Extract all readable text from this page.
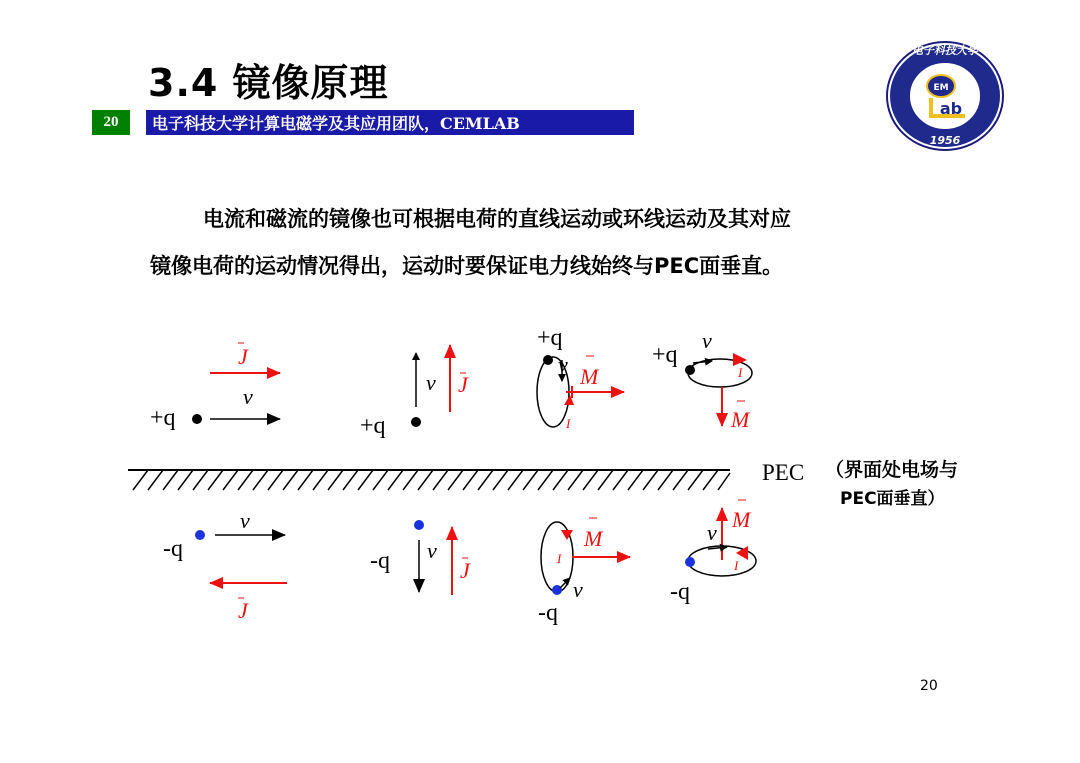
3.4 镜像原理
20	电子科技大学计算电磁学及其应用团队，CEMLAB
电子科技大学
1956
EM
ab
电流和磁流的镜像也可根据电荷的直线运动或环线运动及其对应
镜像电荷的运动情况得出，运动时要保证电力线始终与PEC面垂直。
PEC
J
v
+q
-q
v
J
+q
v J
-q v
J
+q
v M
I
I
M
v
-q
+q
v
I
M
v
M
I
-q
（界面处电场与
PEC面垂直）
20
